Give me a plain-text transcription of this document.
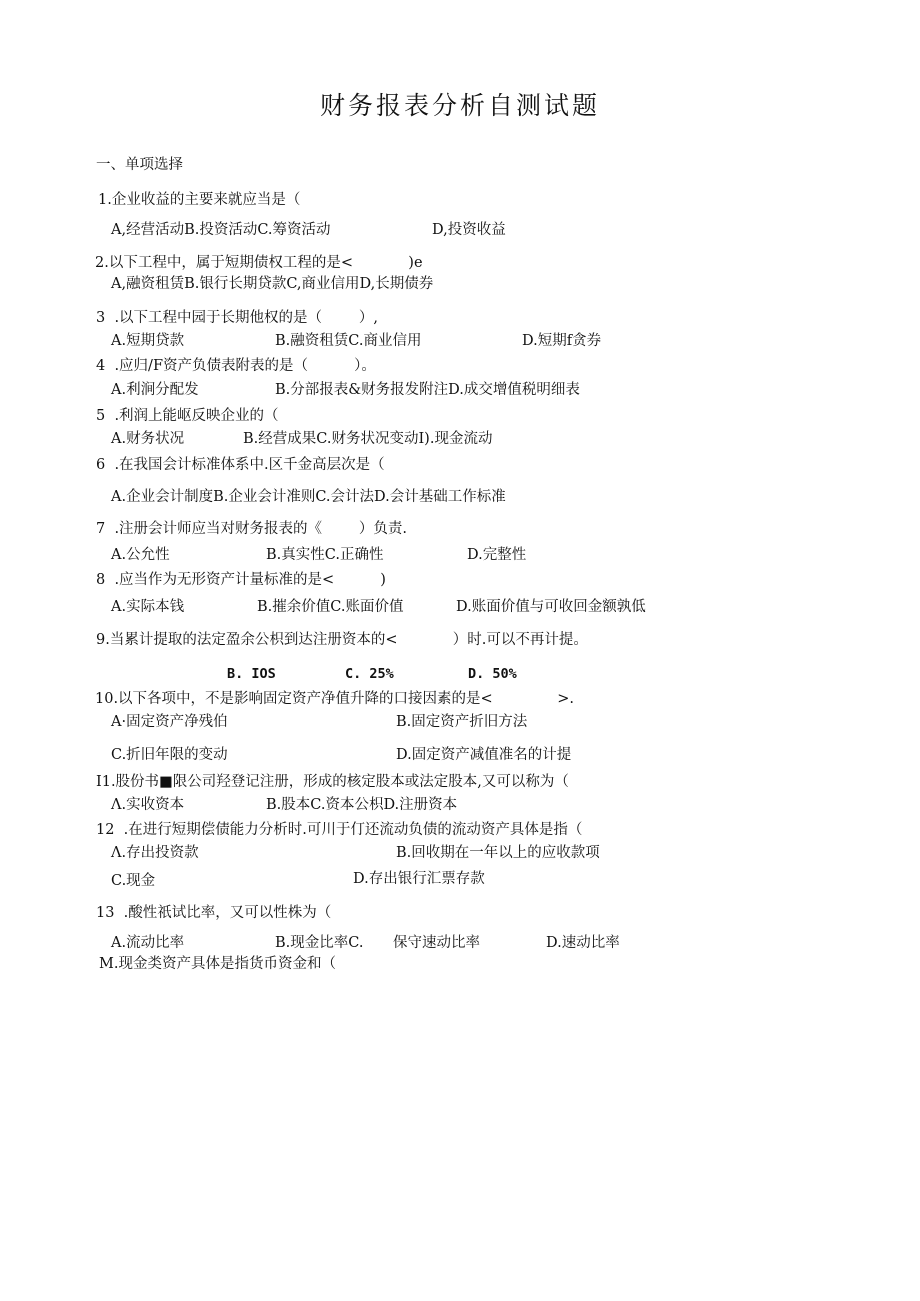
财务报表分析自测试题
一、单项选择
1.企业收益的主要来就应当是（
A,经营活动B.投资活动C.筹资活动	D,投资收益
2.以下工程中，属于短期债权工程的是<            )e
A,融资租赁B.银行长期贷款C,商业信用D,长期债券
3  .以下工程中园于长期他权的是（        ）,
A.短期贷款	B.融资租赁C.商业信用	D.短期f贪券
4  .应归/F资产负债表附表的是（          ）。
A.利涧分配发	B.分部报表&财务报发附注D.成交增值税明细表
5  .利润上能岖反映企业的（
A.财务状况	B.经营成果C.财务状况变动I).现金流动
6  .在我国会计标准体系中.区千金高层次是（
A.企业会计制度B.企业会计准则C.会计法D.会计基础工作标准
7  .注册会计师应当对财务报表的《        ）负责.
A.公允性	B.真实性C.正确性	D.完整性
8  .应当作为无形资产计量标准的是<          )
A.实际本钱	B.摧余价值C.账面价值	D.账面价值与可收回金额孰低
9.当累计提取的法定盈余公枳到达注册资本的<            ）时.可以不再计提。
B. IOS	C. 25%	D. 50%
10.以下各项中，不是影响固定资产净值升降的口接因素的是<              >.
A·固定资产净残伯	B.固定资产折旧方法
C.折旧年限的变动	D.固定资产减值准名的计提
I1.股份书■限公司羟登记注册，形成的核定股本或法定股本,又可以称为（
Λ.实收资本	B.股本C.资本公枳D.注册资本
12  .在进行短期偿债能力分析时.可川于仃还流动负债的流动资产具体是指（
Λ.存出投资款	B.回收期在一年以上的应收款项
C.现金	D.存出银行汇票存款
13  .酸性祇试比率，又可以性株为（
A.流动比率	B.现金比率C. 保守速动比率	D.速动比率
M.现金类资产具体是指货币资金和（
